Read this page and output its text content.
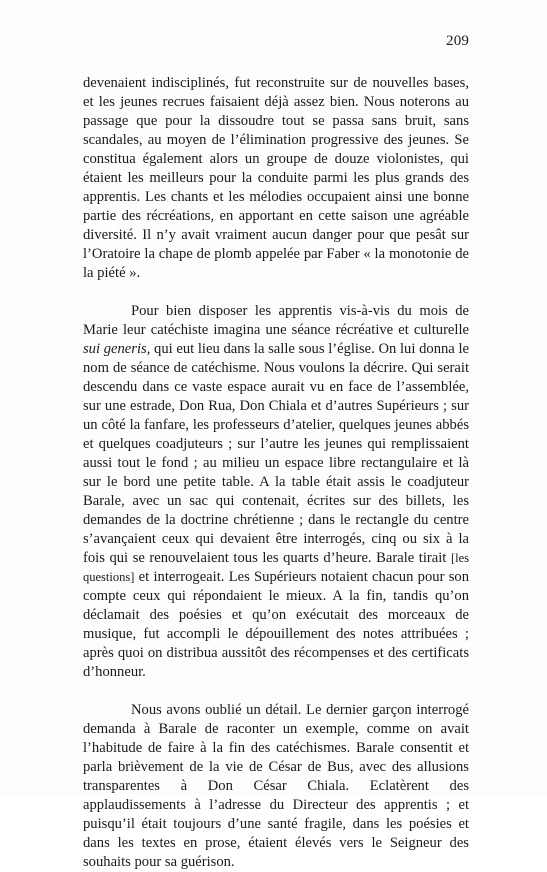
209

devenaient indisciplinés, fut reconstruite sur de nouvelles bases, et les jeunes recrues faisaient déjà assez bien. Nous noterons au passage que pour la dissoudre tout se passa sans bruit, sans scandales, au moyen de l’élimination progressive des jeunes. Se constitua également alors un groupe de douze violonistes, qui étaient les meilleurs pour la conduite parmi les plus grands des apprentis. Les chants et les mélodies occupaient ainsi une bonne partie des récréations, en apportant en cette saison une agréable diversité. Il n’y avait vraiment aucun danger pour que pesât sur l’Oratoire la chape de plomb appelée par Faber « la monotonie de la piété ».

Pour bien disposer les apprentis vis-à-vis du mois de Marie leur catéchiste imagina une séance récréative et culturelle sui generis, qui eut lieu dans la salle sous l’église. On lui donna le nom de séance de catéchisme. Nous voulons la décrire. Qui serait descendu dans ce vaste espace aurait vu en face de l’assemblée, sur une estrade, Don Rua, Don Chiala et d’autres Supérieurs ; sur un côté la fanfare, les professeurs d’atelier, quelques jeunes abbés et quelques coadjuteurs ; sur l’autre les jeunes qui remplissaient aussi tout le fond ; au milieu un espace libre rectangulaire et là sur le bord une petite table. A la table était assis le coadjuteur Barale, avec un sac qui contenait, écrites sur des billets, les demandes de la doctrine chrétienne ; dans le rectangle du centre s’avançaient ceux qui devaient être interrogés, cinq ou six à la fois qui se renouvelaient tous les quarts d’heure. Barale tirait [les questions] et interrogeait. Les Supérieurs notaient chacun pour son compte ceux qui répondaient le mieux. A la fin, tandis qu’on déclamait des poésies et qu’on exécutait des morceaux de musique, fut accompli le dépouillement des notes attribuées ; après quoi on distribua aussitôt des récompenses et des certificats d’honneur.

Nous avons oublié un détail. Le dernier garçon interrogé demanda à Barale de raconter un exemple, comme on avait l’habitude de faire à la fin des catéchismes. Barale consentit et parla brièvement de la vie de César de Bus, avec des allusions transparentes à Don César Chiala. Eclatèrent des applaudissements à l’adresse du Directeur des apprentis ; et puisqu’il était toujours d’une santé fragile, dans les poésies et dans les textes en prose, étaient élevés vers le Seigneur des souhaits pour sa guérison.
